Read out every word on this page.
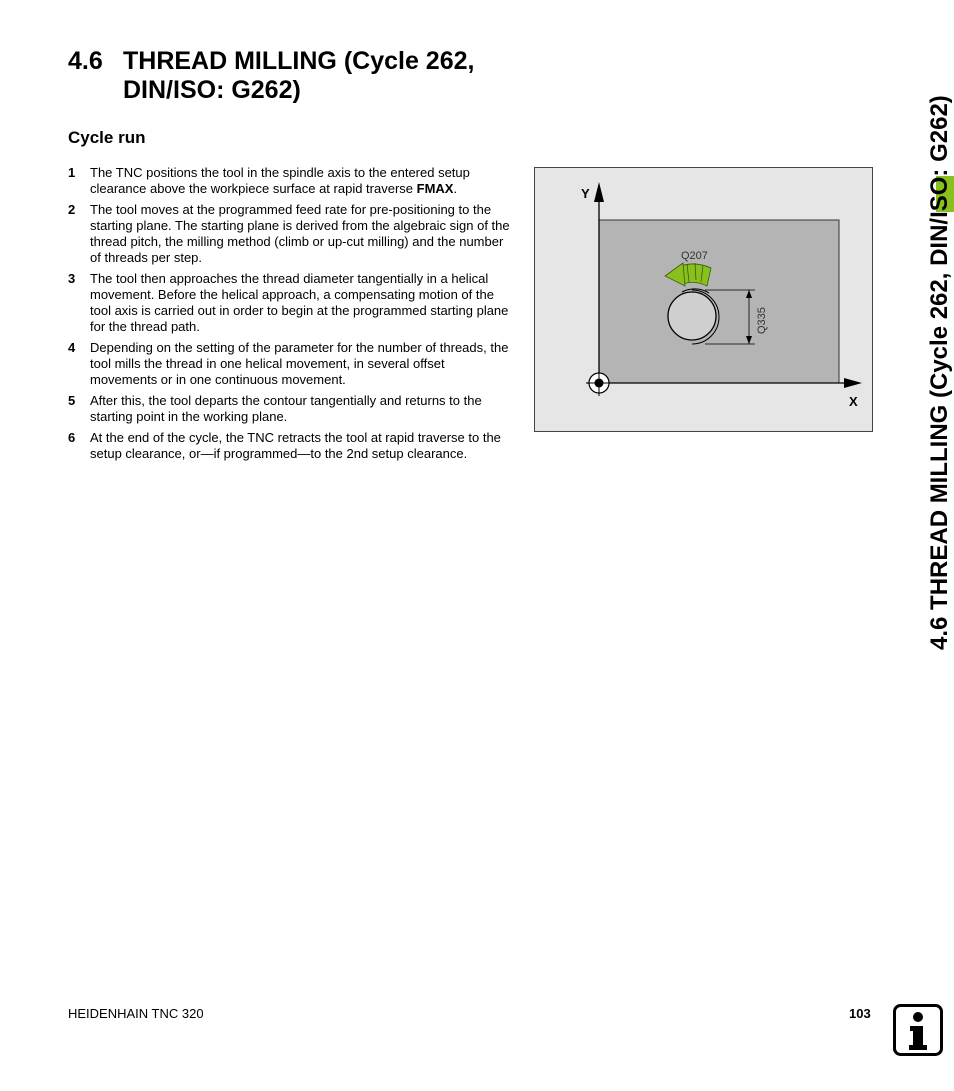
4.6 THREAD MILLING (Cycle 262,
DIN/ISO: G262)
Cycle run
1 The TNC positions the tool in the spindle axis to the entered setup clearance above the workpiece surface at rapid traverse FMAX.
2 The tool moves at the programmed feed rate for pre-positioning to the starting plane. The starting plane is derived from the algebraic sign of the thread pitch, the milling method (climb or up-cut milling) and the number of threads per step.
3 The tool then approaches the thread diameter tangentially in a helical movement. Before the helical approach, a compensating motion of the tool axis is carried out in order to begin at the programmed starting plane for the thread path.
4 Depending on the setting of the parameter for the number of threads, the tool mills the thread in one helical movement, in several offset movements or in one continuous movement.
5 After this, the tool departs the contour tangentially and returns to the starting point in the working plane.
6 At the end of the cycle, the TNC retracts the tool at rapid traverse to the setup clearance, or—if programmed—to the 2nd setup clearance.
Y
X
Q207
Q335	4.6 THREAD MILLING (Cycle 262, DIN/ISO: G262)
HEIDENHAIN TNC 320	103
